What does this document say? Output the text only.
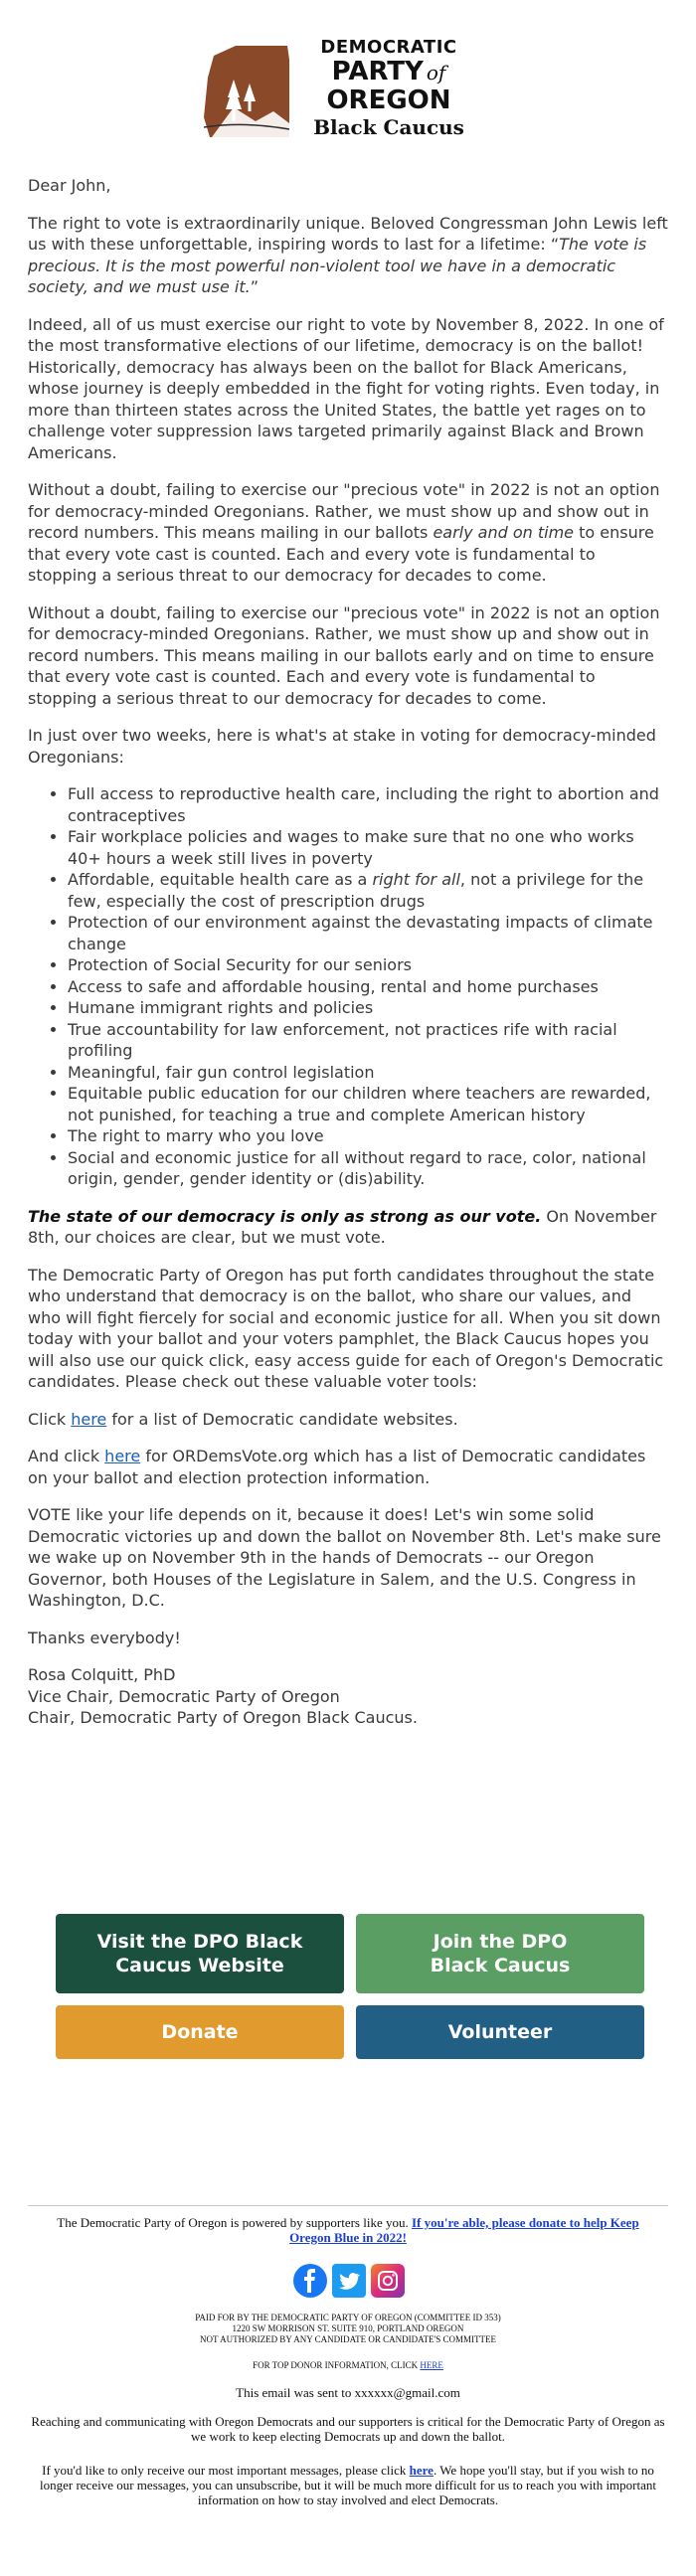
DEMOCRATIC
PARTY of
OREGON
Black Caucus

Dear John,

The right to vote is extraordinarily unique. Beloved Congressman John Lewis left us with these unforgettable, inspiring words to last for a lifetime: “The vote is precious. It is the most powerful non-violent tool we have in a democratic society, and we must use it.”

Indeed, all of us must exercise our right to vote by November 8, 2022. In one of the most transformative elections of our lifetime, democracy is on the ballot! Historically, democracy has always been on the ballot for Black Americans, whose journey is deeply embedded in the fight for voting rights. Even today, in more than thirteen states across the United States, the battle yet rages on to challenge voter suppression laws targeted primarily against Black and Brown Americans.

Without a doubt, failing to exercise our "precious vote" in 2022 is not an option for democracy-minded Oregonians. Rather, we must show up and show out in record numbers. This means mailing in our ballots early and on time to ensure that every vote cast is counted. Each and every vote is fundamental to stopping a serious threat to our democracy for decades to come.

Without a doubt, failing to exercise our "precious vote" in 2022 is not an option for democracy-minded Oregonians. Rather, we must show up and show out in record numbers. This means mailing in our ballots early and on time to ensure that every vote cast is counted. Each and every vote is fundamental to stopping a serious threat to our democracy for decades to come.

In just over two weeks, here is what's at stake in voting for democracy-minded Oregonians:

• Full access to reproductive health care, including the right to abortion and contraceptives
• Fair workplace policies and wages to make sure that no one who works 40+ hours a week still lives in poverty
• Affordable, equitable health care as a right for all, not a privilege for the few, especially the cost of prescription drugs
• Protection of our environment against the devastating impacts of climate change
• Protection of Social Security for our seniors
• Access to safe and affordable housing, rental and home purchases
• Humane immigrant rights and policies
• True accountability for law enforcement, not practices rife with racial profiling
• Meaningful, fair gun control legislation
• Equitable public education for our children where teachers are rewarded, not punished, for teaching a true and complete American history
• The right to marry who you love
• Social and economic justice for all without regard to race, color, national origin, gender, gender identity or (dis)ability.

The state of our democracy is only as strong as our vote. On November 8th, our choices are clear, but we must vote.

The Democratic Party of Oregon has put forth candidates throughout the state who understand that democracy is on the ballot, who share our values, and who will fight fiercely for social and economic justice for all. When you sit down today with your ballot and your voters pamphlet, the Black Caucus hopes you will also use our quick click, easy access guide for each of Oregon's Democratic candidates. Please check out these valuable voter tools:

Click here for a list of Democratic candidate websites.

And click here for ORDemsVote.org which has a list of Democratic candidates on your ballot and election protection information.

VOTE like your life depends on it, because it does! Let's win some solid Democratic victories up and down the ballot on November 8th. Let's make sure we wake up on November 9th in the hands of Democrats -- our Oregon Governor, both Houses of the Legislature in Salem, and the U.S. Congress in Washington, D.C.

Thanks everybody!

Rosa Colquitt, PhD

Vice Chair, Democratic Party of Oregon

Chair, Democratic Party of Oregon Black Caucus.

Visit the DPO Black Caucus Website
Join the DPO
Black Caucus
Donate	Volunteer
The Democratic Party of Oregon is powered by supporters like you. If you're able, please donate to help Keep Oregon Blue in 2022!
PAID FOR BY THE DEMOCRATIC PARTY OF OREGON (COMMITTEE ID 353)
1220 SW MORRISON ST. SUITE 910, PORTLAND OREGON
NOT AUTHORIZED BY ANY CANDIDATE OR CANDIDATE'S COMMITTEE
FOR TOP DONOR INFORMATION, CLICK HERE
This email was sent to xxxxxx@gmail.com
Reaching and communicating with Oregon Democrats and our supporters is critical for the Democratic Party of Oregon as we work to keep electing Democrats up and down the ballot.
If you'd like to only receive our most important messages, please click here. We hope you'll stay, but if you wish to no longer receive our messages, you can unsubscribe, but it will be much more difficult for us to reach you with important information on how to stay involved and elect Democrats.
